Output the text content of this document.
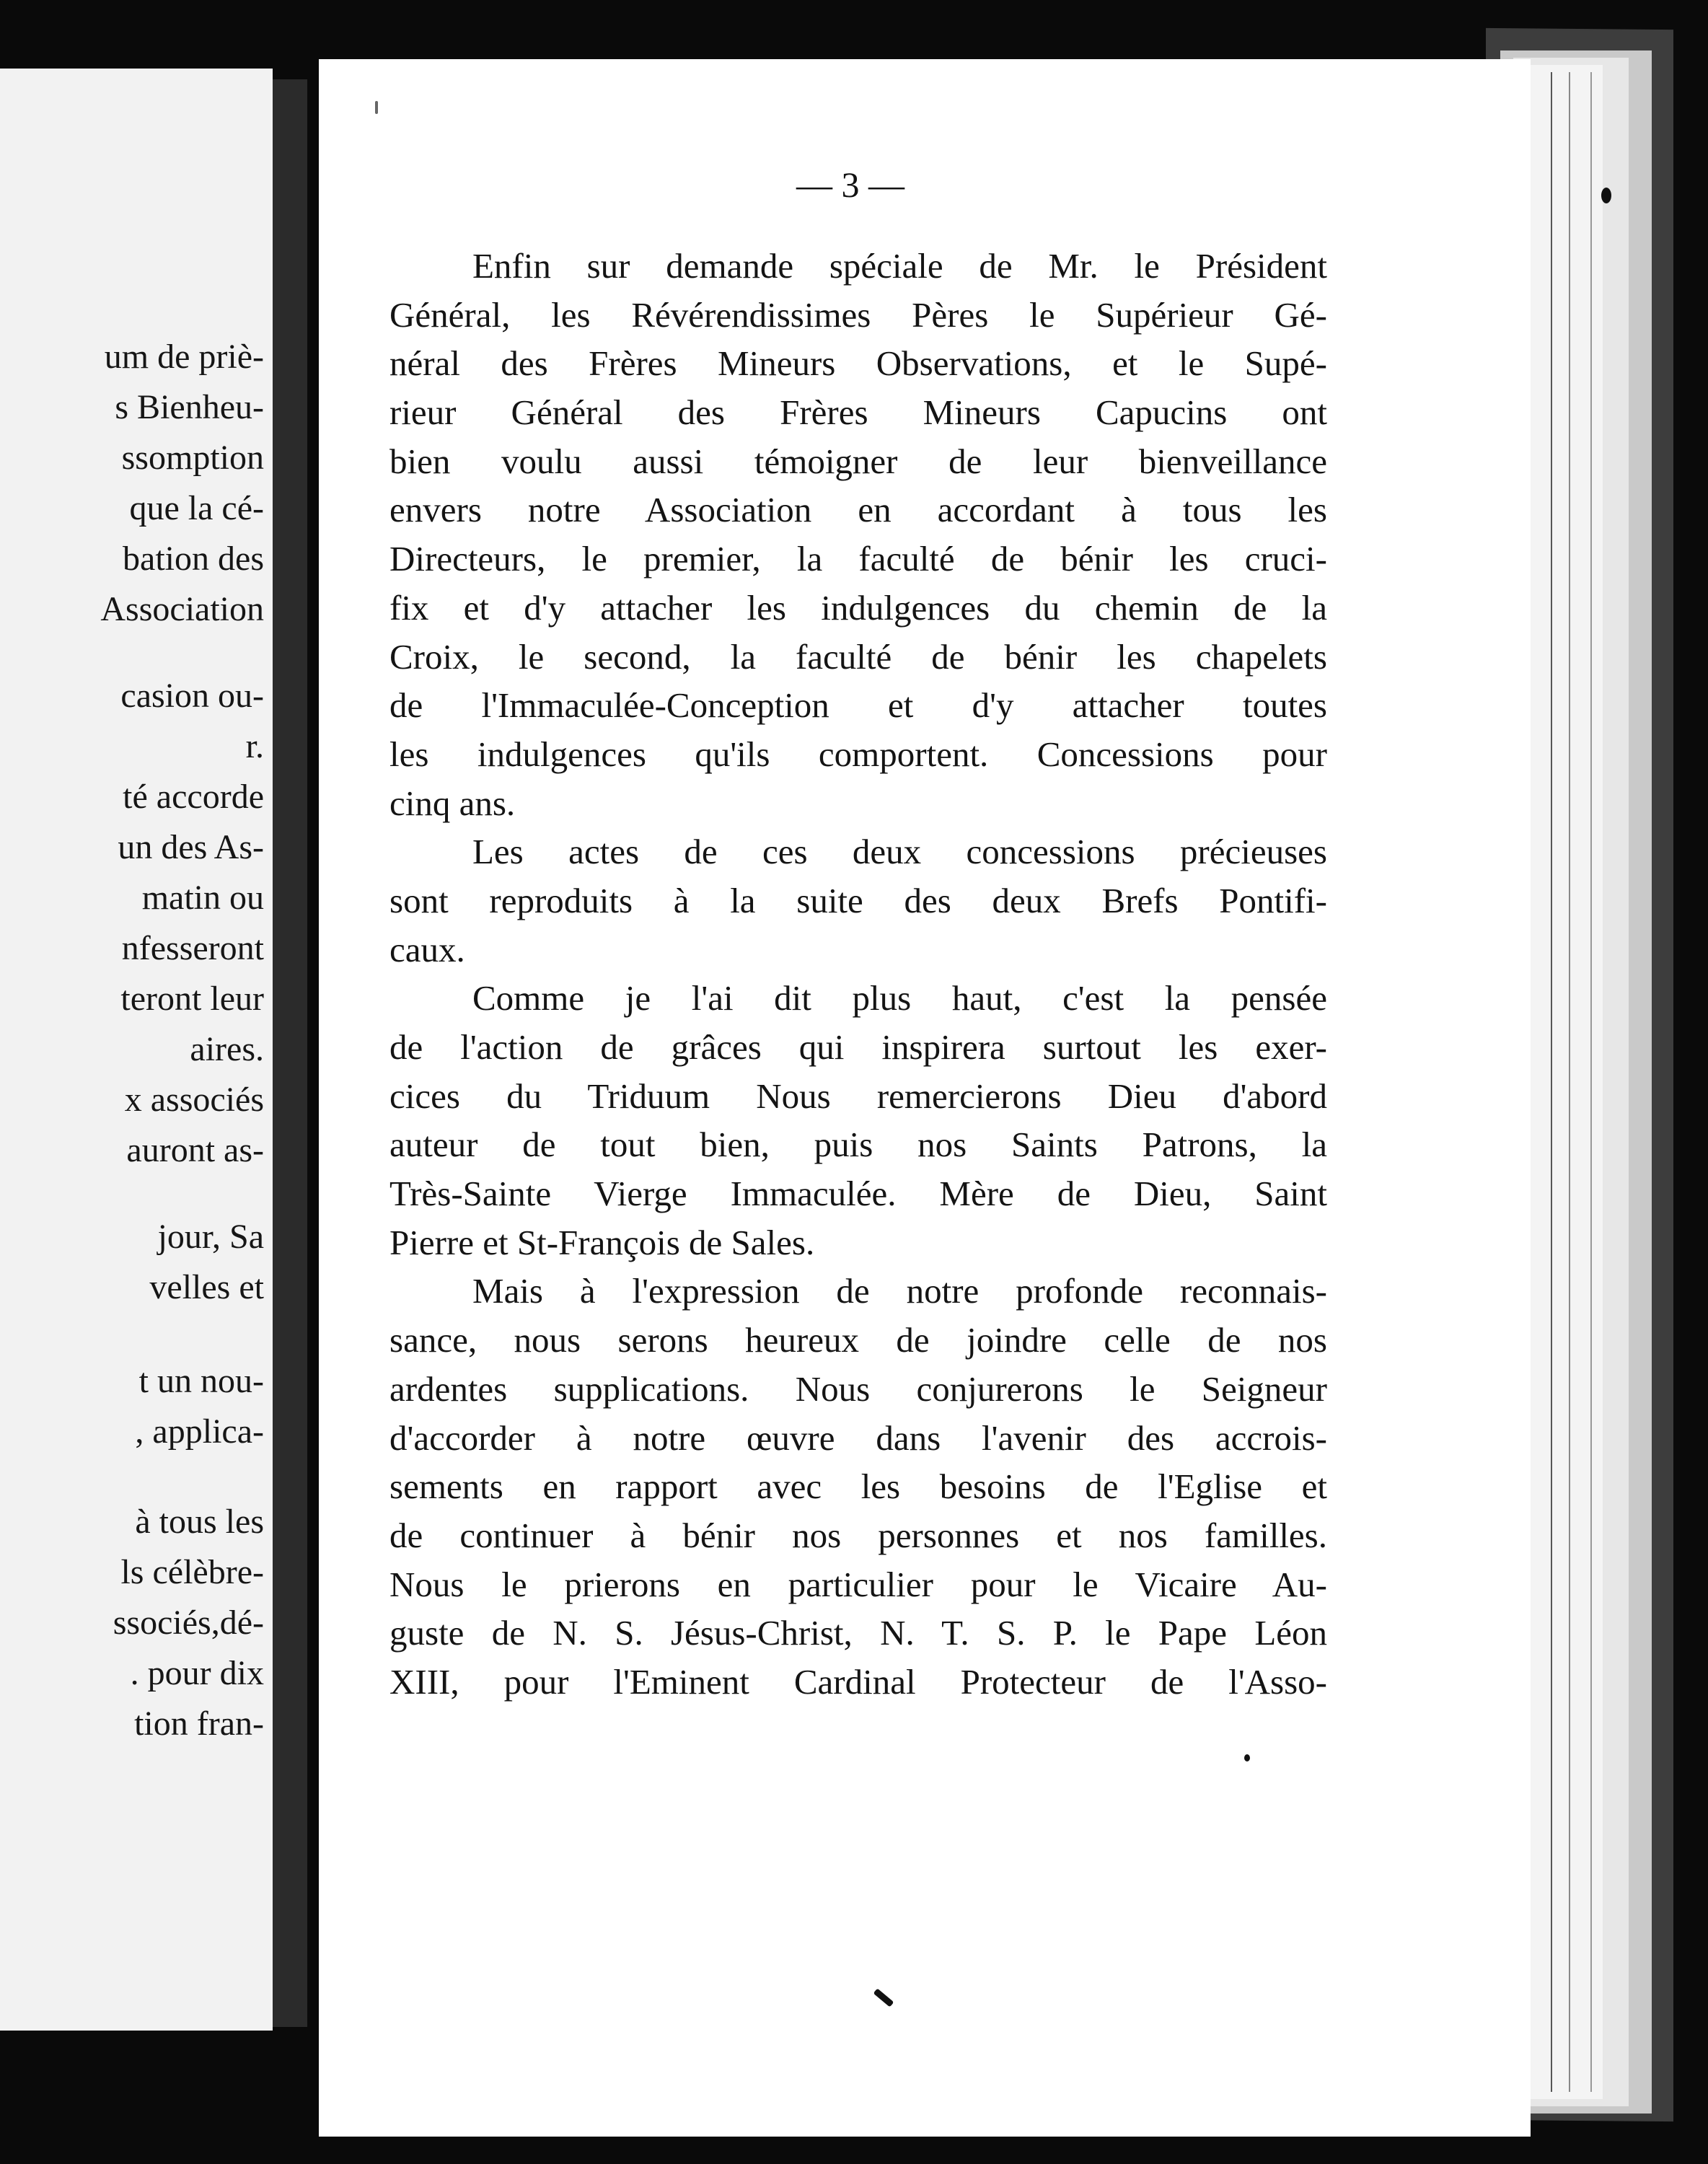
um de priè-
s Bienheu-
ssomption
que la cé-
bation des
Association
casion ou-
r.
té accorde
un des As-
matin ou
nfesseront
teront leur
aires.
x associés
auront as-
jour, Sa
velles et
t un nou-
, applica-
à tous les
ls célèbre-
ssociés,dé-
. pour dix
tion fran-
— 3 —
Enfin sur demande spéciale de Mr. le Président
Général, les Révérendissimes Pères le Supérieur Gé-
néral des Frères Mineurs Observations, et le Supé-
rieur Général des Frères Mineurs Capucins ont
bien voulu aussi témoigner de leur bienveillance
envers notre Association en accordant à tous les
Directeurs, le premier, la faculté de bénir les cruci-
fix et d'y attacher les indulgences du chemin de la
Croix, le second, la faculté de bénir les chapelets
de l'Immaculée-Conception et d'y attacher toutes
les indulgences qu'ils comportent. Concessions pour
cinq ans.
Les actes de ces deux concessions précieuses
sont reproduits à la suite des deux Brefs Pontifi-
caux.
Comme je l'ai dit plus haut, c'est la pensée
de l'action de grâces qui inspirera surtout les exer-
cices du Triduum Nous remercierons Dieu d'abord
auteur de tout bien, puis nos Saints Patrons, la
Très-Sainte Vierge Immaculée. Mère de Dieu, Saint
Pierre et St-François de Sales.
Mais à l'expression de notre profonde reconnais-
sance, nous serons heureux de joindre celle de nos
ardentes supplications. Nous conjurerons le Seigneur
d'accorder à notre œuvre dans l'avenir des accrois-
sements en rapport avec les besoins de l'Eglise et
de continuer à bénir nos personnes et nos familles.
Nous le prierons en particulier pour le Vicaire Au-
guste de N. S. Jésus-Christ, N. T. S. P. le Pape Léon
XIII, pour l'Eminent Cardinal Protecteur de l'Asso-
